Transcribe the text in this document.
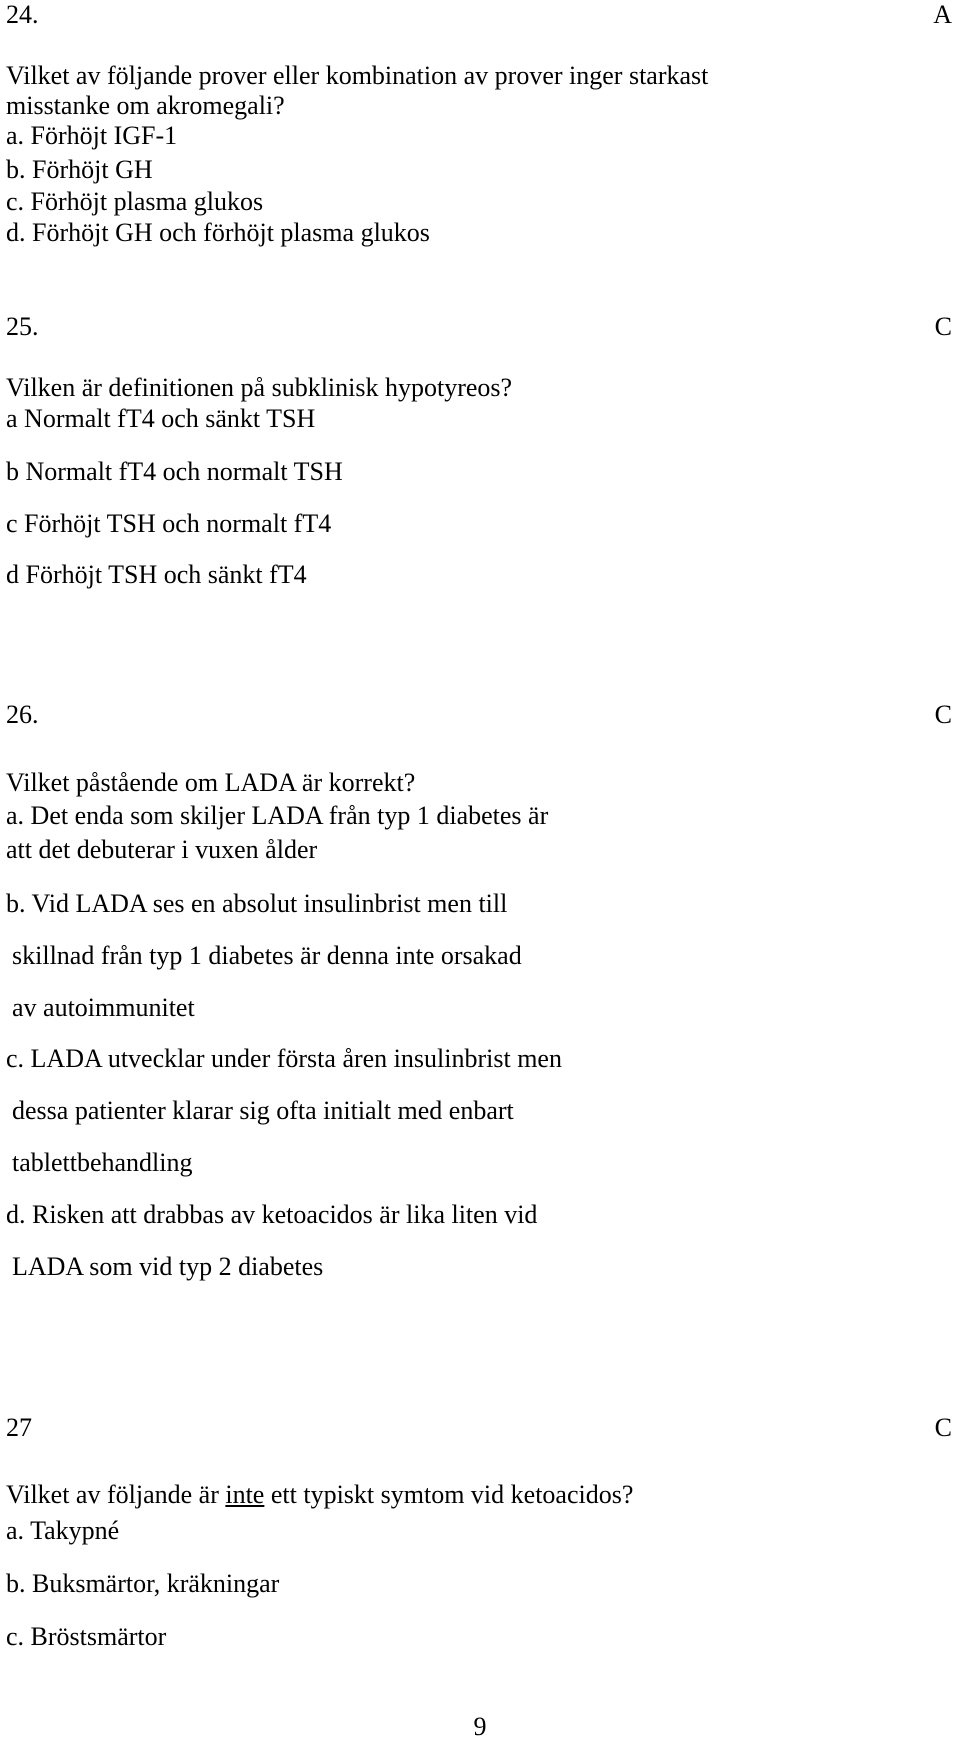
24.	A
Vilket av följande prover eller kombination av prover inger starkast
misstanke om akromegali?
a. Förhöjt IGF-1
b. Förhöjt GH
c. Förhöjt plasma glukos
d. Förhöjt GH och förhöjt plasma glukos
25.	C
Vilken är definitionen på subklinisk hypotyreos?
a Normalt fT4 och sänkt TSH
b Normalt fT4 och normalt TSH
c Förhöjt TSH och normalt fT4
d Förhöjt TSH och sänkt fT4
26.	C
Vilket påstående om LADA är korrekt?
a. Det enda som skiljer LADA från typ 1 diabetes är
att det debuterar i vuxen ålder
b. Vid LADA ses en absolut insulinbrist men till
skillnad från typ 1 diabetes är denna inte orsakad
av autoimmunitet
c. LADA utvecklar under första åren insulinbrist men
dessa patienter klarar sig ofta initialt med enbart
tablettbehandling
d. Risken att drabbas av ketoacidos är lika liten vid
LADA som vid typ 2 diabetes
27	C
Vilket av följande är inte ett typiskt symtom vid ketoacidos?
a. Takypné
b. Buksmärtor, kräkningar
c. Bröstsmärtor
9
